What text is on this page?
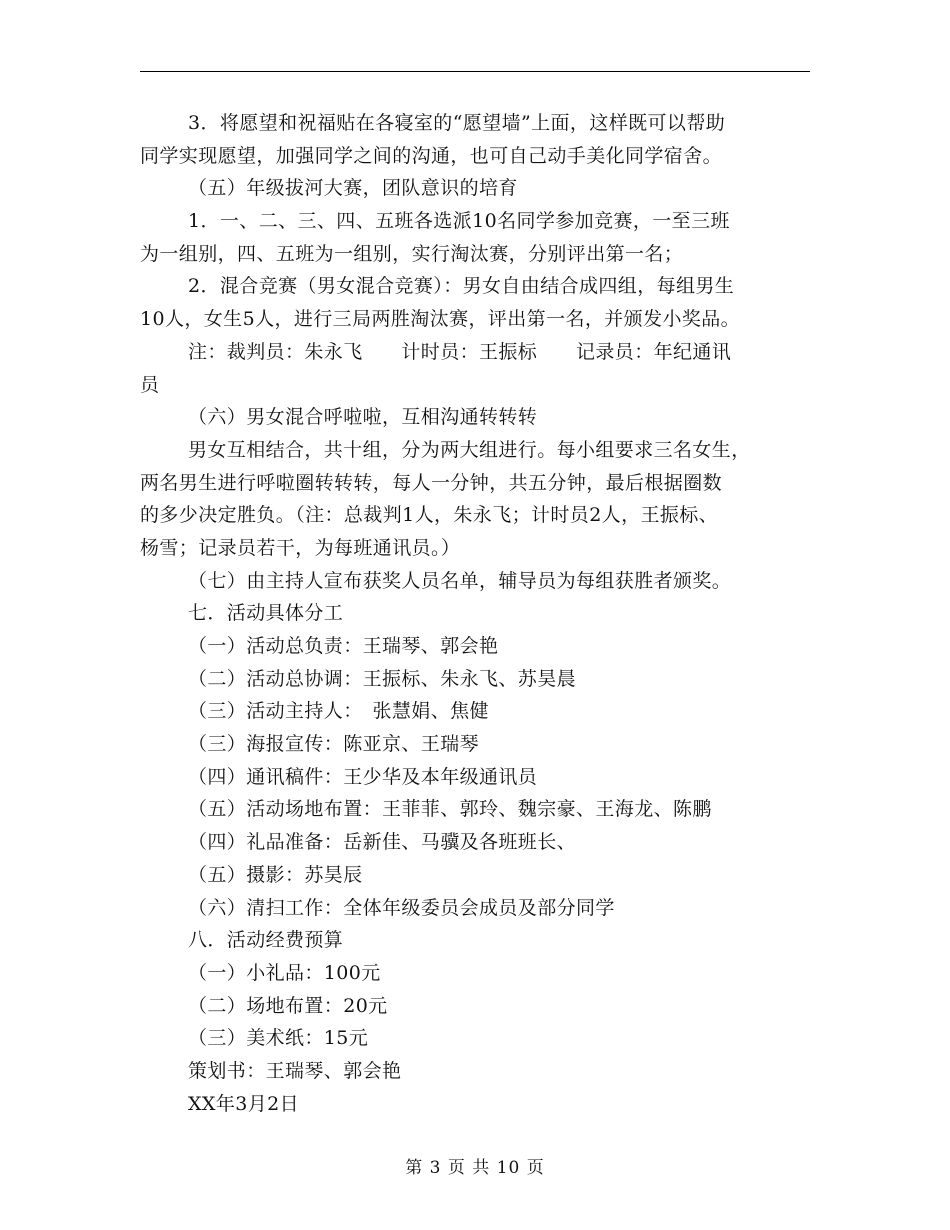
3．将愿望和祝福贴在各寝室的“愿望墙”上面，这样既可以帮助
同学实现愿望，加强同学之间的沟通，也可自己动手美化同学宿舍。
（五）年级拔河大赛，团队意识的培育
1．一、二、三、四、五班各选派10名同学参加竞赛，一至三班
为一组别，四、五班为一组别，实行淘汰赛，分别评出第一名；
2．混合竞赛（男女混合竞赛）：男女自由结合成四组，每组男生
10人，女生5人，进行三局两胜淘汰赛，评出第一名，并颁发小奖品。
注：裁判员：朱永飞　　计时员：王振标　　记录员：年纪通讯
员
（六）男女混合呼啦啦，互相沟通转转转
男女互相结合，共十组，分为两大组进行。每小组要求三名女生，
两名男生进行呼啦圈转转转，每人一分钟，共五分钟，最后根据圈数
的多少决定胜负。（注：总裁判1人，朱永飞；计时员2人，王振标、
杨雪；记录员若干，为每班通讯员。）
（七）由主持人宣布获奖人员名单，辅导员为每组获胜者颁奖。
七．活动具体分工
（一）活动总负责：王瑞琴、郭会艳
（二）活动总协调：王振标、朱永飞、苏昊晨
（三）活动主持人：　张慧娟、焦健
（三）海报宣传：陈亚京、王瑞琴
（四）通讯稿件：王少华及本年级通讯员
（五）活动场地布置：王菲菲、郭玲、魏宗豪、王海龙、陈鹏
（四）礼品准备：岳新佳、马骥及各班班长、
（五）摄影：苏昊辰
（六）清扫工作：全体年级委员会成员及部分同学
八．活动经费预算
（一）小礼品：100元
（二）场地布置：20元
（三）美术纸：15元
策划书：王瑞琴、郭会艳
XX年3月2日
第 3 页 共 10 页
